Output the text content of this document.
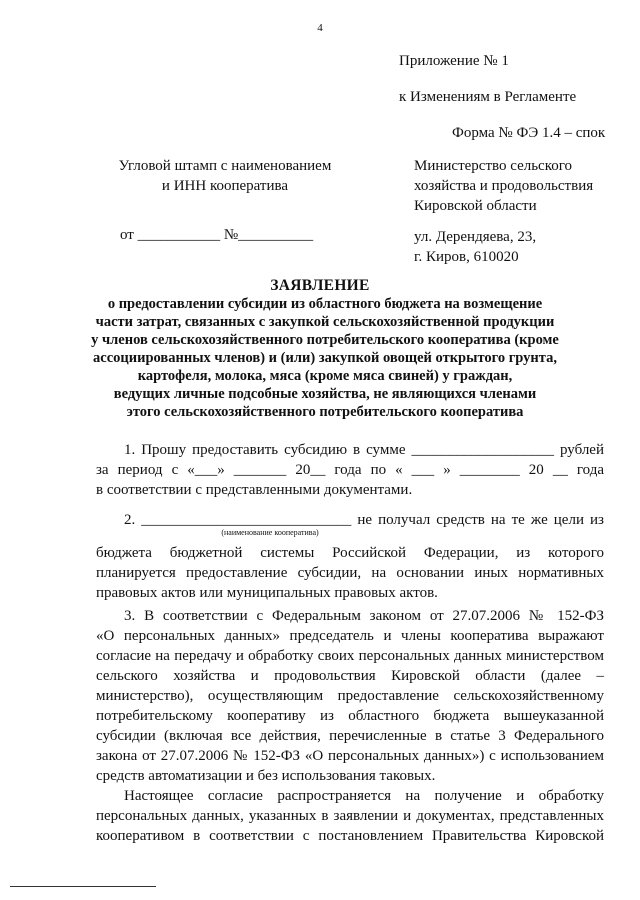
4
Приложение № 1
к Изменениям в Регламенте
Форма № ФЭ 1.4 – спок
Угловой штамп с наименованием
и ИНН кооператива
Министерство сельского
хозяйства и продовольствия
Кировской области
от ___________ №__________	ул. Дерендяева, 23,
г. Киров, 610020
ЗАЯВЛЕНИЕ
о предоставлении субсидии из областного бюджета на возмещение
части затрат, связанных с закупкой сельскохозяйственной продукции
у членов сельскохозяйственного потребительского кооператива (кроме
ассоциированных членов) и (или) закупкой овощей открытого грунта,
картофеля, молока, мяса (кроме мяса свиней) у граждан,
ведущих личные подсобные хозяйства, не являющихся членами
этого сельскохозяйственного потребительского кооператива
1. Прошу предоставить субсидию в сумме ___________________ рублей
за период с «___» _______ 20__ года по « ___ » ________ 20 __ года
в соответствии с представленными документами.
2. ____________________________ не получал средств на те же цели из
(наименование кооператива)
бюджета бюджетной системы Российской Федерации, из которого
планируется предоставление субсидии, на основании иных нормативных
правовых актов или муниципальных правовых актов.
3. В соответствии с Федеральным законом от 27.07.2006 № 152-ФЗ
«О персональных данных» председатель и члены кооператива выражают
согласие на передачу и обработку своих персональных данных министерством
сельского хозяйства и продовольствия Кировской области (далее –
министерство), осуществляющим предоставление сельскохозяйственному
потребительскому кооперативу из областного бюджета вышеуказанной
субсидии (включая все действия, перечисленные в статье 3 Федерального
закона от 27.07.2006 № 152-ФЗ «О персональных данных») с использованием
средств автоматизации и без использования таковых.
Настоящее согласие распространяется на получение и обработку
персональных данных, указанных в заявлении и документах, представленных
кооперативом в соответствии с постановлением Правительства Кировской
